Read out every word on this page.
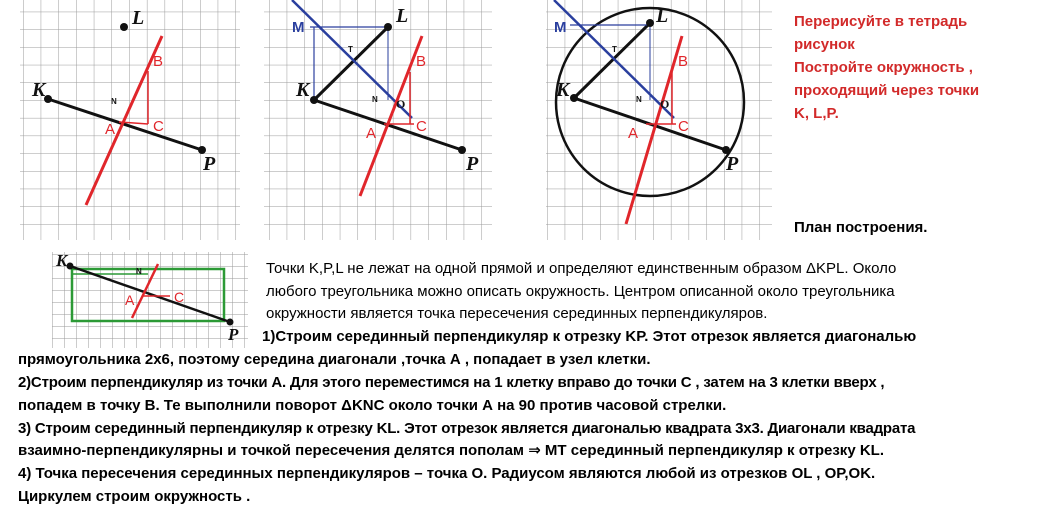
K
L
P
B
A	C
N
K
L
P
M
T
B
A	C
N O
K
L
P
M
T
B
A	C
N O
K
P
A	C
N

Перерисуйте в тетрадь

рисунок

Постройте окружность ,

проходящий через точки

K, L,P.

План построения.

Точки K,P,L не лежат на одной прямой и определяют единственным образом ΔKPL. Около

любого треугольника можно описать окружность. Центром описанной около треугольника

окружности является точка пересечения серединных перпендикуляров.

1)Строим серединный перпендикуляр к отрезку KP. Этот отрезок является диагональю

прямоугольника 2х6, поэтому середина диагонали ,точка А , попадает в узел клетки.

2)Строим перпендикуляр из точки А. Для этого переместимся на 1 клетку вправо до точки С , затем на 3 клетки вверх ,

попадем в точку В. Те выполнили поворот ΔKNC около точки А на 90 против часовой стрелки.

3) Строим серединный перпендикуляр к отрезку KL. Этот отрезок является диагональю квадрата 3х3. Диагонали квадрата

взаимно-перпендикулярны и точкой пересечения делятся пополам ⇒ МТ серединный перпендикуляр к отрезку KL.

4) Точка пересечения серединных перпендикуляров – точка О. Радиусом являются любой из отрезков OL , OP,OK.

Циркулем строим окружность .
